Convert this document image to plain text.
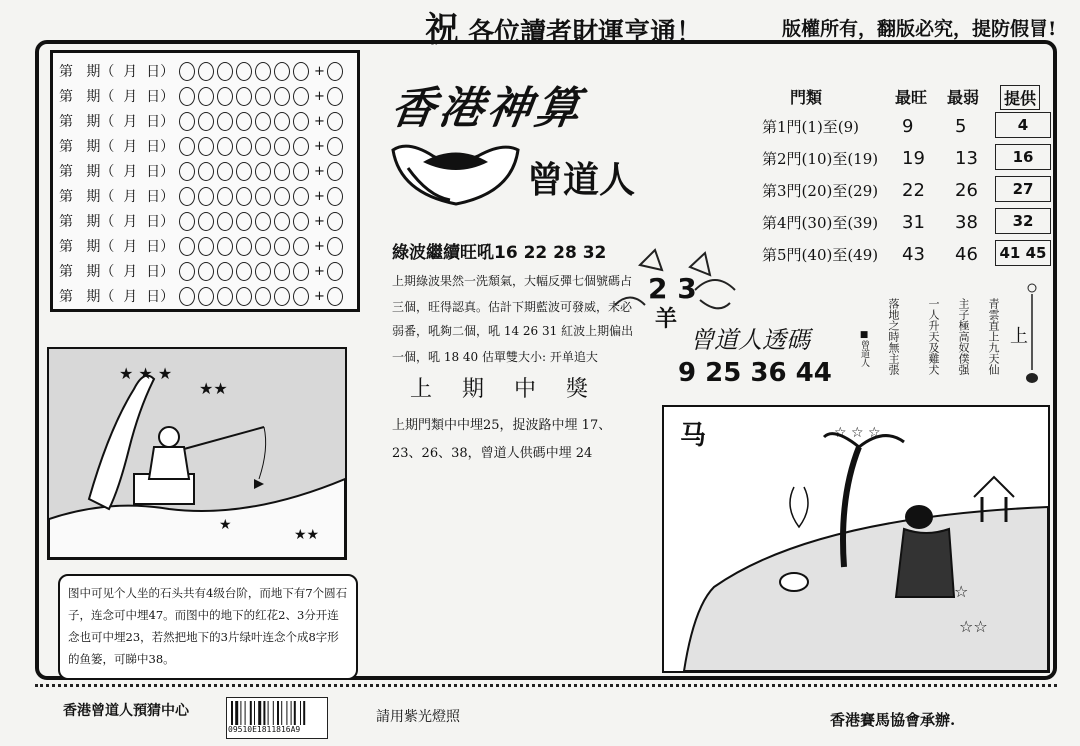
祝 各位讀者財運亨通！	版權所有，翻版必究，提防假冒!
第   期（  月  日）	+
第   期（  月  日）	+
第   期（  月  日）	+
第   期（  月  日）	+
第   期（  月  日）	+
第   期（  月  日）	+
第   期（  月  日）	+
第   期（  月  日）	+
第   期（  月  日）	+
第   期（  月  日）	+
香港神算
曾道人
門類	最旺 最弱 提供
第1門(1)至(9) 9 5	4
第2門(10)至(19) 19 13	16
第3門(20)至(29) 22 26	27
第4門(30)至(39) 31 38	32
第5門(40)至(49) 43 46	41 45
綠波繼續旺吼16 22 28 32
上期綠波果然一洗頹氣，大幅反彈七個號碼占
三個，旺得認真。估計下期藍波可發威，未必
弱番，吼夠二個，吼 14 26 31 紅波上期偏出
一個，吼 18 40 估單雙大小: 开单追大
上期中獎
上期門類中中埋25，捉波路中埋 17、23、26、38，曾道人供碼中埋 24
2 3
羊
曾道人透碼
9 25 36 44	青雲直上九天仙
主子極高奴僕强
一人升天及雞犬
落地之時無主張
■曾道人	上
★ ★ ★
★★
★★
★
☆
☆☆
☆ ☆ ☆
马
图中可见个人坐的石头共有4级台阶，而地下有7个圆石子，连念可中埋47。而图中的地下的红花2、3分开连念也可中埋23，若然把地下的3片绿叶连念个成8字形的鱼篓，可睇中38。
香港曾道人預猜中心
09510E1811816A9
請用紫光燈照	香港賽馬協會承辦.
